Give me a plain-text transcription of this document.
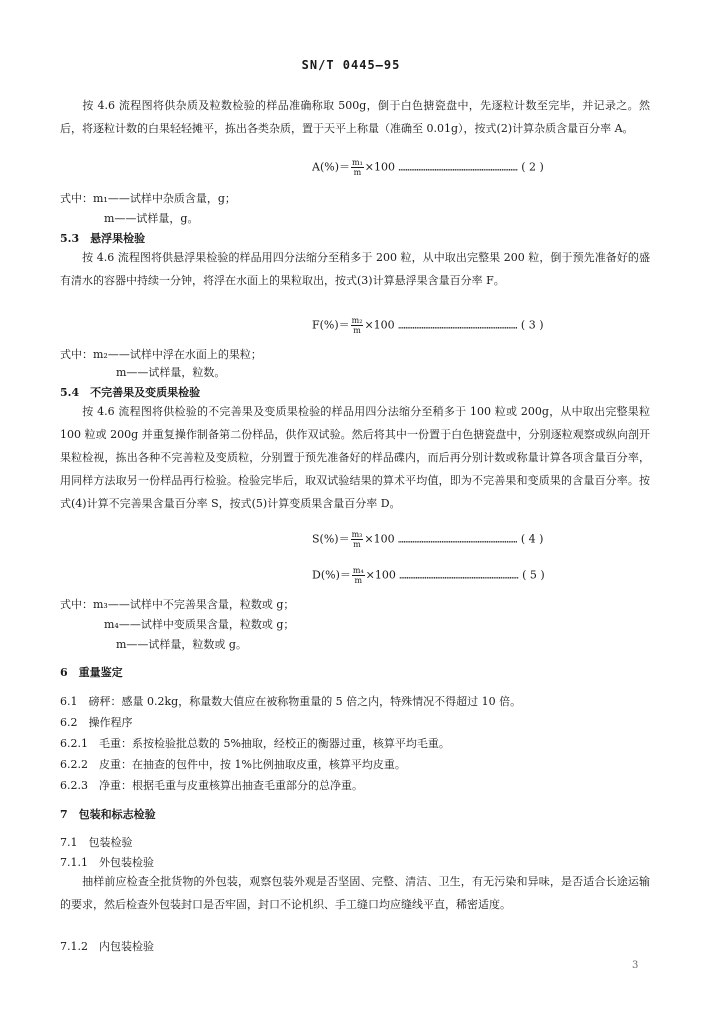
SN/T 0445—95
按 4.6 流程图将供杂质及粒数检验的样品准确称取 500g，倒于白色搪瓷盘中，先逐粒计数至完毕，并记录之。然后，将逐粒计数的白果轻轻摊平，拣出各类杂质，置于天平上称量（准确至 0.01g），按式(2)计算杂质含量百分率 A。
$A(\%)= \frac{\text{m₁}}{m} \times 100$ ………………………………………………………… ( 2 )
式中：m₁——试样中杂质含量，g；
m——试样量，g。
5.3　悬浮果检验
按 4.6 流程图将供悬浮果检验的样品用四分法缩分至稍多于 200 粒，从中取出完整果 200 粒，倒于预先准备好的盛有清水的容器中持续一分钟，将浮在水面上的果粒取出，按式(3)计算悬浮果含量百分率 F。
$F(\%)= \frac{\text{m₂}}{m} \times 100$ ………………………………………………………… ( 3 )
式中：m₂——试样中浮在水面上的果粒；
m——试样量，粒数。
5.4　不完善果及变质果检验
按 4.6 流程图将供检验的不完善果及变质果检验的样品用四分法缩分至稍多于 100 粒或 200g，从中取出完整果粒 100 粒或 200g 并重复操作制备第二份样品，供作双试验。然后将其中一份置于白色搪瓷盘中，分别逐粒观察或纵向剖开果粒检视，拣出各种不完善粒及变质粒，分别置于预先准备好的样品碟内，而后再分别计数或称量计算各项含量百分率，用同样方法取另一份样品再行检验。检验完毕后，取双试验结果的算术平均值，即为不完善果和变质果的含量百分率。按式(4)计算不完善果含量百分率 S，按式(5)计算变质果含量百分率 D。
$S(\%)= \frac{\text{m₃}}{m} \times 100$ ………………………………………………………… ( 4 )
$D(\%)= \frac{\text{m₄}}{m} \times 100$ ………………………………………………………… ( 5 )
式中：m₃——试样中不完善果含量，粒数或 g；
m₄——试样中变质果含量，粒数或 g；
m——试样量，粒数或 g。
6　重量鉴定
6.1　磅秤：感量 0.2kg，称量数大值应在被称物重量的 5 倍之内，特殊情况不得超过 10 倍。
6.2　操作程序
6.2.1　毛重：系按检验批总数的 5%抽取，经校正的衡器过重，核算平均毛重。
6.2.2　皮重：在抽查的包件中，按 1%比例抽取皮重，核算平均皮重。
6.2.3　净重：根据毛重与皮重核算出抽查毛重部分的总净重。
7　包装和标志检验
7.1　包装检验
7.1.1　外包装检验
抽样前应检查全批货物的外包装，观察包装外观是否坚固、完整、清洁、卫生，有无污染和异味，是否适合长途运输的要求，然后检查外包装封口是否牢固，封口不论机织、手工缝口均应缝线平直，稀密适度。
7.1.2　内包装检验
3
